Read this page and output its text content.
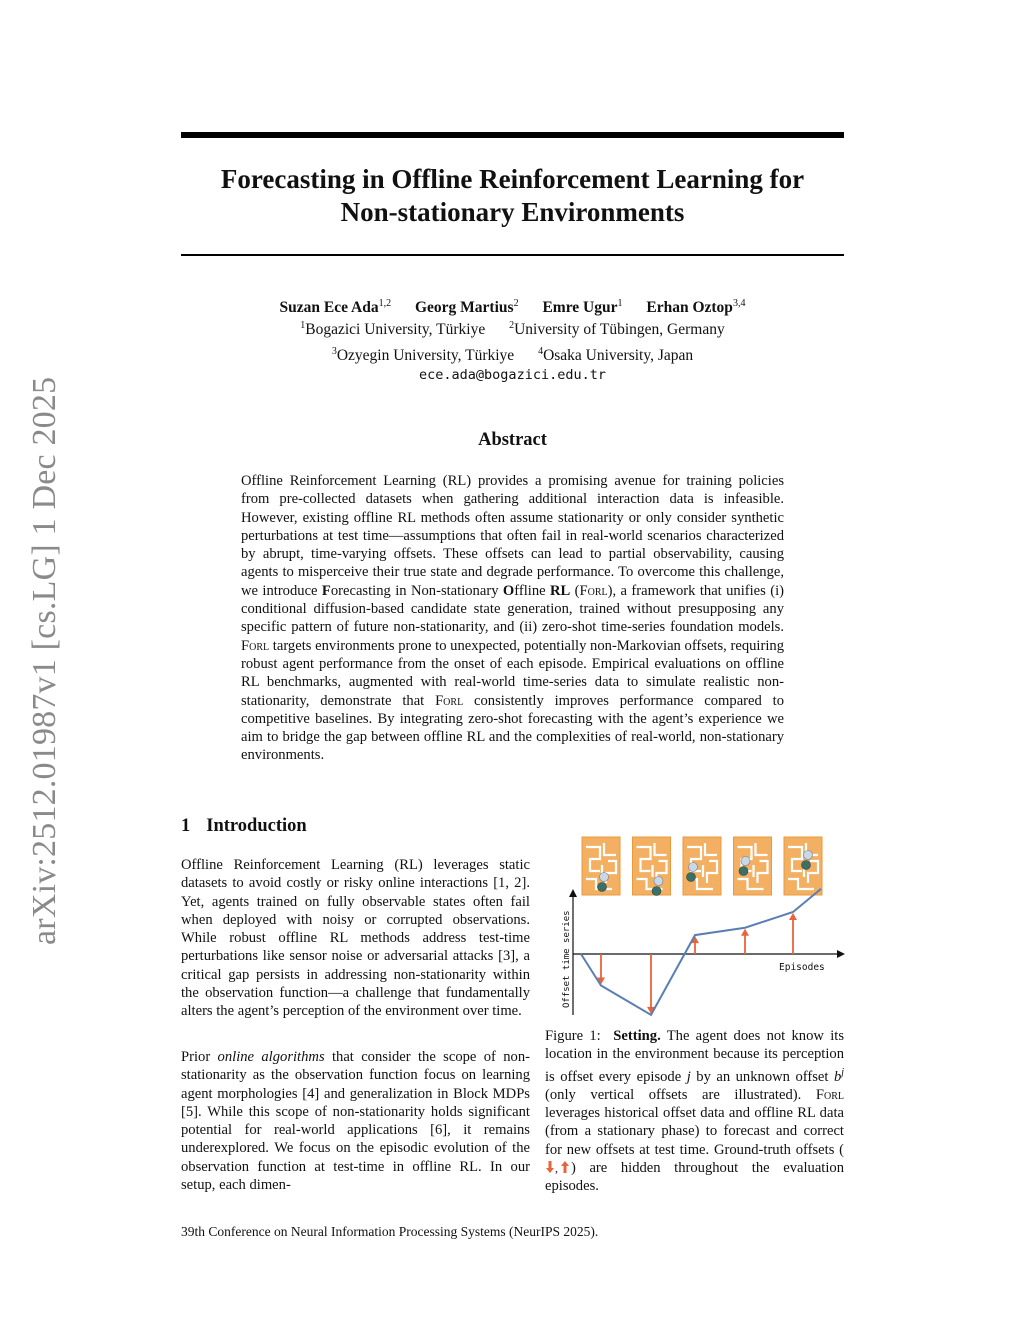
arXiv:2512.01987v1 [cs.LG] 1 Dec 2025
Forecasting in Offline Reinforcement Learning for
Non-stationary Environments
Suzan Ece Ada$^{1,2}$ Georg Martius$^2$ Emre Ugur$^1$ Erhan Oztop$^{3,4}$
$^1$Bogazici University, Türkiye $^2$University of Tübingen, Germany
$^3$Ozyegin University, Türkiye $^4$Osaka University, Japan
ece.ada@bogazici.edu.tr
Abstract
Offline Reinforcement Learning (RL) provides a promising avenue for training policies from pre-collected datasets when gathering additional interaction data is infeasible. However, existing offline RL methods often assume stationarity or only consider synthetic perturbations at test time—assumptions that often fail in real-world scenarios characterized by abrupt, time-varying offsets. These offsets can lead to partial observability, causing agents to misperceive their true state and degrade performance. To overcome this challenge, we introduce Forecasting in Non-stationary Offline RL (Forl), a framework that unifies (i) conditional diffusion-based candidate state generation, trained without presupposing any specific pattern of future non-stationarity, and (ii) zero-shot time-series foundation models. Forl targets environments prone to unexpected, potentially non-Markovian offsets, requiring robust agent performance from the onset of each episode. Empirical evaluations on offline RL benchmarks, augmented with real-world time-series data to simulate realistic non-stationarity, demonstrate that Forl consistently improves performance compared to competitive baselines. By integrating zero-shot forecasting with the agent’s experience we aim to bridge the gap between offline RL and the complexities of real-world, non-stationary environments.
1 Introduction
Offline Reinforcement Learning (RL) leverages static datasets to avoid costly or risky online interactions [1, 2]. Yet, agents trained on fully observable states often fail when deployed with noisy or corrupted observations. While robust offline RL methods address test-time perturbations like sensor noise or adversarial attacks [3], a critical gap persists in addressing non-stationarity within the observation function—a challenge that fundamentally alters the agent’s perception of the environment over time.
Prior online algorithms that consider the scope of non-stationarity as the observation function focus on learning agent morphologies [4] and generalization in Block MDPs [5]. While this scope of non-stationarity holds significant potential for real-world applications [6], it remains underexplored. We focus on the episodic evolution of the observation function at test-time in offline RL. In our setup, each dimen-
Offset time series	Episodes
Figure 1: Setting. The agent does not know its location in the environment because its perception is offset every episode j by an unknown offset $b^j$ (only vertical offsets are illustrated). Forl leverages historical offset data and offline RL data (from a stationary phase) to forecast and correct for new offsets at test time. Ground-truth offsets (
, ) are hidden throughout the evaluation episodes.
39th Conference on Neural Information Processing Systems (NeurIPS 2025).
